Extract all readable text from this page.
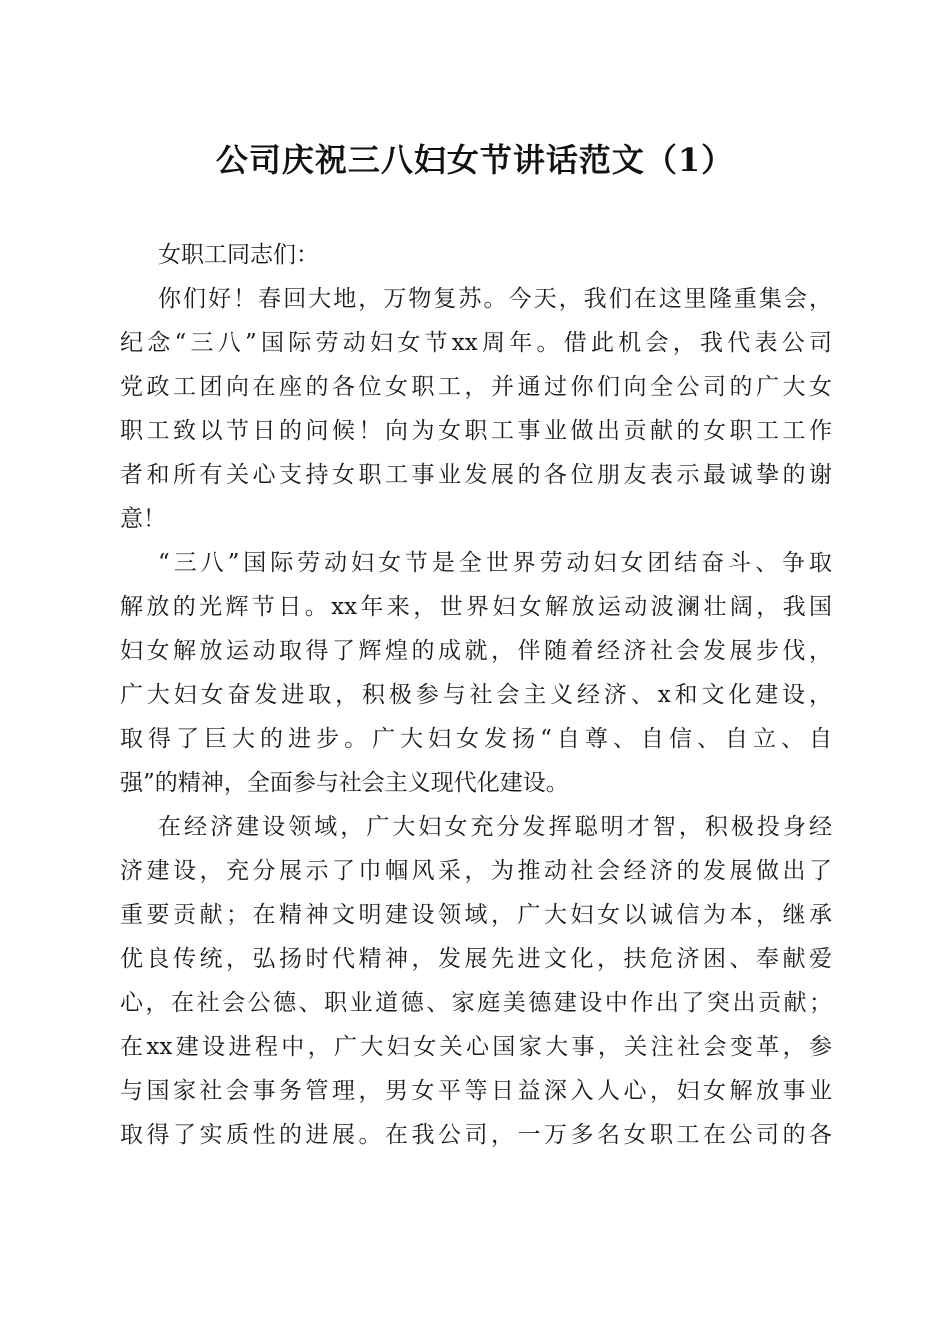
公司庆祝三八妇女节讲话范文（1）
女职工同志们：
你们好！春回大地，万物复苏。今天，我们在这里隆重集会，
纪念“三八”国际劳动妇女节xx周年。借此机会，我代表公司
党政工团向在座的各位女职工，并通过你们向全公司的广大女
职工致以节日的问候！向为女职工事业做出贡献的女职工工作
者和所有关心支持女职工事业发展的各位朋友表示最诚挚的谢
意！
“三八”国际劳动妇女节是全世界劳动妇女团结奋斗、争取
解放的光辉节日。xx年来，世界妇女解放运动波澜壮阔，我国
妇女解放运动取得了辉煌的成就，伴随着经济社会发展步伐，
广大妇女奋发进取，积极参与社会主义经济、x和文化建设，
取得了巨大的进步。广大妇女发扬“自尊、自信、自立、自
强”的精神，全面参与社会主义现代化建设。
在经济建设领域，广大妇女充分发挥聪明才智，积极投身经
济建设，充分展示了巾帼风采，为推动社会经济的发展做出了
重要贡献；在精神文明建设领域，广大妇女以诚信为本，继承
优良传统，弘扬时代精神，发展先进文化，扶危济困、奉献爱
心，在社会公德、职业道德、家庭美德建设中作出了突出贡献；
在xx建设进程中，广大妇女关心国家大事，关注社会变革，参
与国家社会事务管理，男女平等日益深入人心，妇女解放事业
取得了实质性的进展。在我公司，一万多名女职工在公司的各
